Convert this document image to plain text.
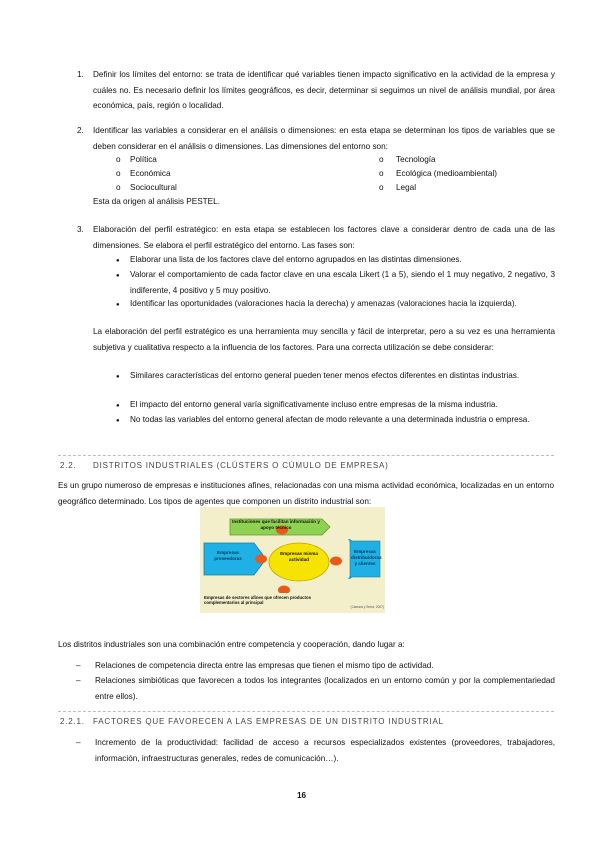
1.	Definir los límites del entorno: se trata de identificar qué variables tienen impacto significativo en la actividad de la empresa y cuáles no. Es necesario definir los límites geográficos, es decir, determinar si seguimos un nivel de análisis mundial, por área económica, país, región o localidad.
2.	Identificar las variables a considerar en el análisis o dimensiones: en esta etapa se determinan los tipos de variables que se deben considerar en el análisis o dimensiones. Las dimensiones del entorno son:
o	Política
o	Económica
o	Sociocultural
o	Tecnología
o	Ecológica (medioambiental)
o	Legal
Esta da origen al análisis PESTEL.
3.	Elaboración del perfil estratégico: en esta etapa se establecen los factores clave a considerar dentro de cada una de las dimensiones. Se elabora el perfil estratégico del entorno. Las fases son:
●
Elaborar una lista de los factores clave del entorno agrupados en las distintas dimensiones.
●
Valorar el comportamiento de cada factor clave en una escala Likert (1 a 5), siendo el 1 muy negativo, 2 negativo, 3 indiferente, 4 positivo y 5 muy positivo.
●
Identificar las oportunidades (valoraciones hacia la derecha) y amenazas (valoraciones hacia la izquierda).
La elaboración del perfil estratégico es una herramienta muy sencilla y fácil de interpretar, pero a su vez es una herramienta subjetiva y cualitativa respecto a la influencia de los factores. Para una correcta utilización se debe considerar:
●
Similares características del entorno general pueden tener menos efectos diferentes en distintas industrias.
●
El impacto del entorno general varía significativamente incluso entre empresas de la misma industria.
●
No todas las variables del entorno general afectan de modo relevante a una determinada industria o empresa.
2.2. DISTRITOS INDUSTRIALES (CLÚSTERS O CÚMULO DE EMPRESA)
Es un grupo numeroso de empresas e instituciones afines, relacionadas con una misma actividad económica, localizadas en un entorno geográfico determinado. Los tipos de agentes que componen un distrito industrial son:
Instituciones que facilitan información y apoyo técnico
Empresas proveedoras
Empresas misma actividad
Empresas distribuidoras y clientes
Empresas de sectores afines que ofrecen productos complementarios al principal
(Cámara y Serra, 2007)
Los distritos industriales son una combinación entre competencia y cooperación, dando lugar a:
– Relaciones de competencia directa entre las empresas que tienen el mismo tipo de actividad.
– Relaciones simbióticas que favorecen a todos los integrantes (localizados en un entorno común y por la complementariedad entre ellos).
2.2.1. FACTORES QUE FAVORECEN A LAS EMPRESAS DE UN DISTRITO INDUSTRIAL
– Incremento de la productividad: facilidad de acceso a recursos especializados existentes (proveedores, trabajadores, información, infraestructuras generales, redes de comunicación…).
16
